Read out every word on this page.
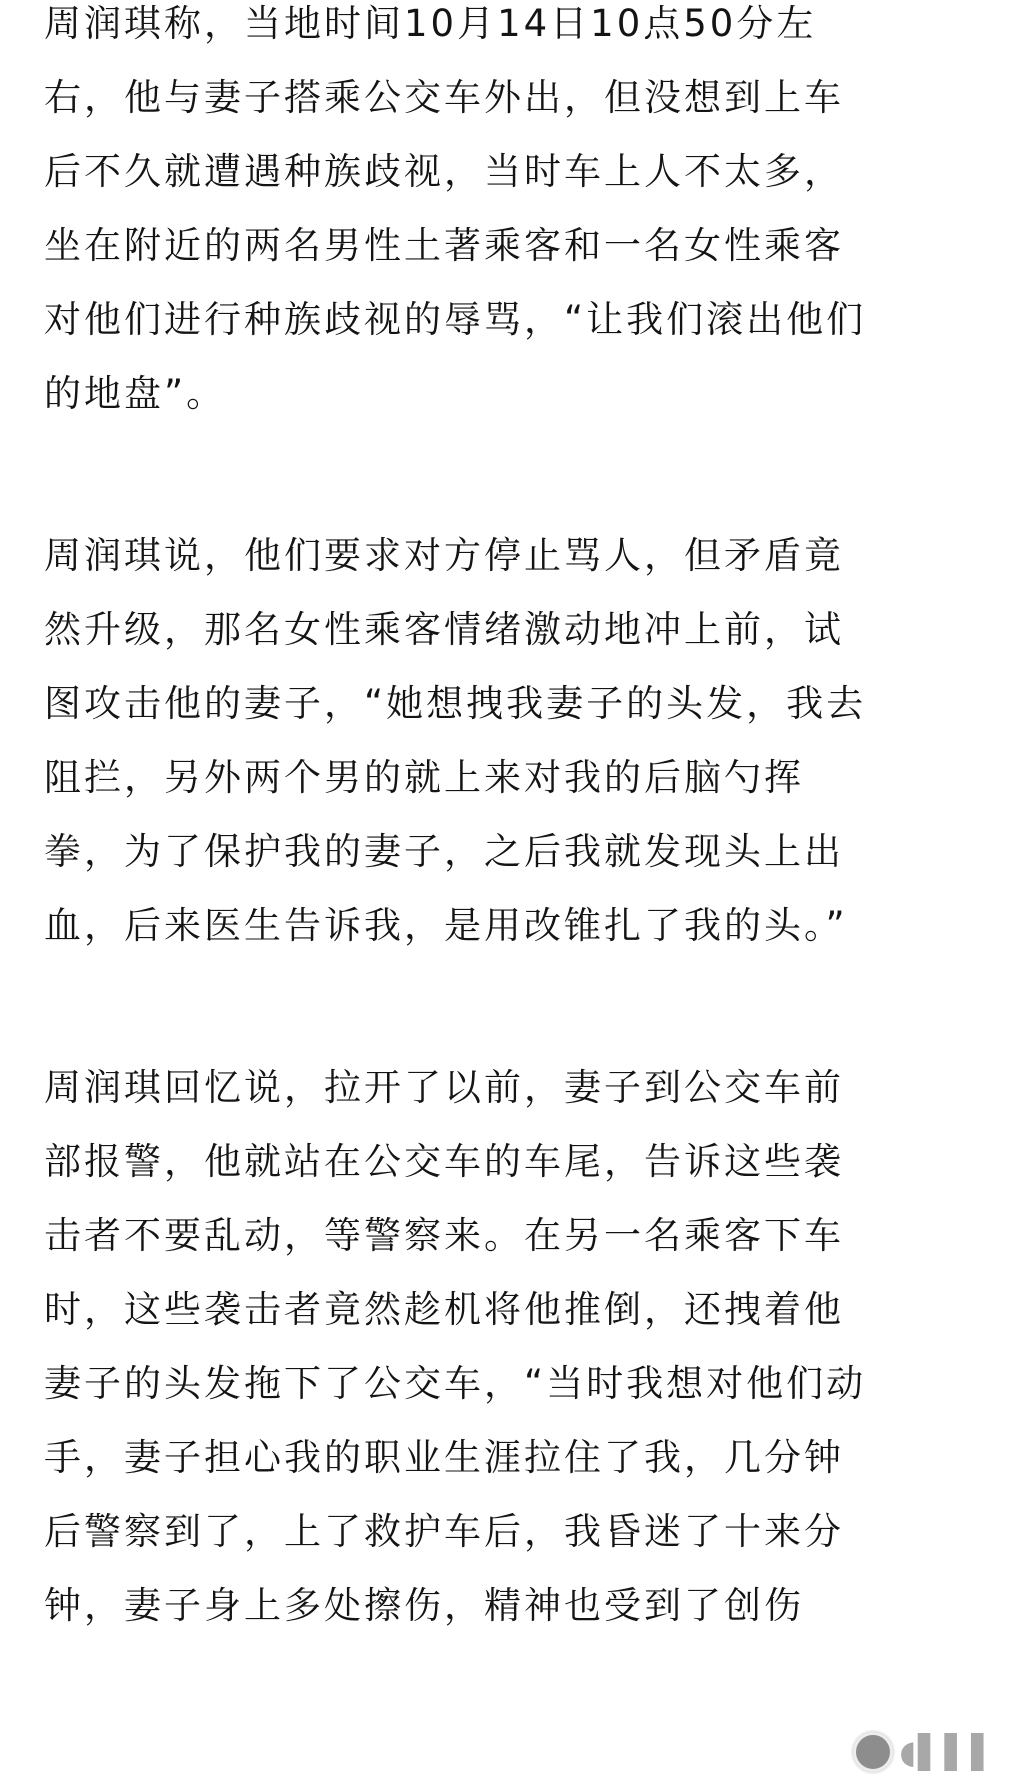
周润琪称，当地时间10月14日10点50分左
右，他与妻子搭乘公交车外出，但没想到上车
后不久就遭遇种族歧视，当时车上人不太多，
坐在附近的两名男性土著乘客和一名女性乘客
对他们进行种族歧视的辱骂，“让我们滚出他们
的地盘”。
周润琪说，他们要求对方停止骂人，但矛盾竟
然升级，那名女性乘客情绪激动地冲上前，试
图攻击他的妻子，“她想拽我妻子的头发，我去
阻拦，另外两个男的就上来对我的后脑勺挥
拳，为了保护我的妻子，之后我就发现头上出
血，后来医生告诉我，是用改锥扎了我的头。”
周润琪回忆说，拉开了以前，妻子到公交车前
部报警，他就站在公交车的车尾，告诉这些袭
击者不要乱动，等警察来。在另一名乘客下车
时，这些袭击者竟然趁机将他推倒，还拽着他
妻子的头发拖下了公交车，“当时我想对他们动
手，妻子担心我的职业生涯拉住了我，几分钟
后警察到了，上了救护车后，我昏迷了十来分
钟，妻子身上多处擦伤，精神也受到了创伤
◖▌▌▌
